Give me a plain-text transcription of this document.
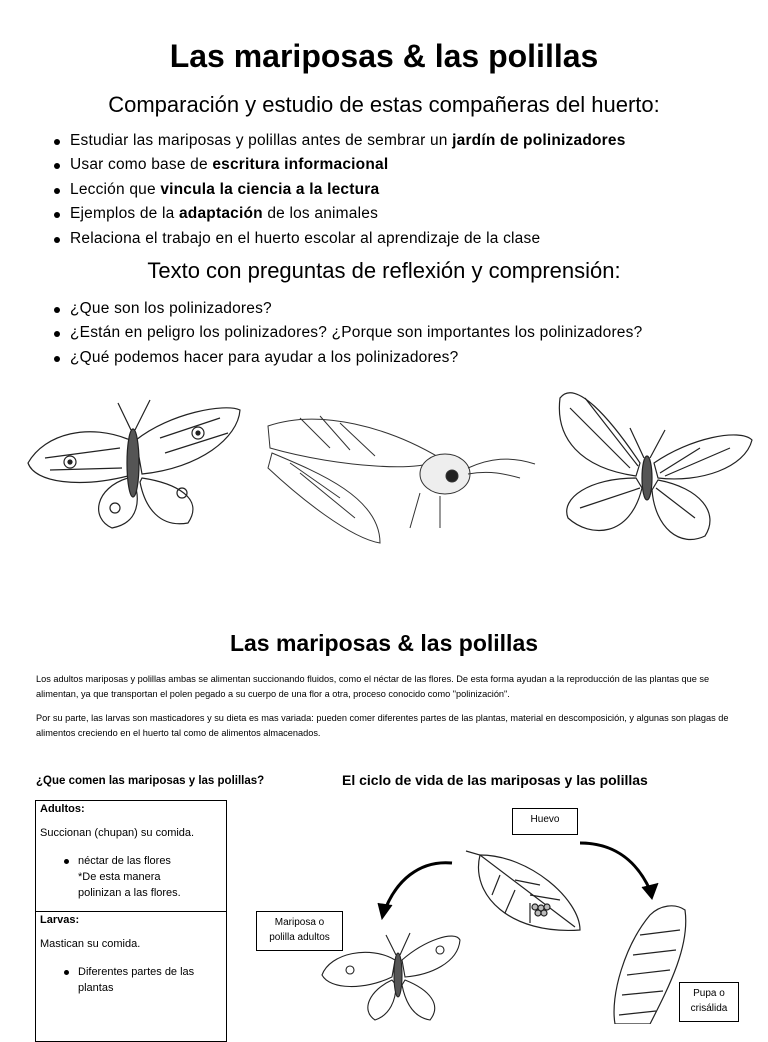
Las mariposas & las polillas
Comparación y estudio de estas compañeras del huerto:
Estudiar las mariposas y polillas antes de sembrar un jardín de polinizadores
Usar como base de escritura informacional
Lección que vincula la ciencia a la lectura
Ejemplos de la adaptación de los animales
Relaciona el trabajo en el huerto escolar al aprendizaje de la clase
Texto con preguntas de reflexión y comprensión:
¿Que son los polinizadores?
¿Están en peligro los polinizadores? ¿Porque son importantes los polinizadores?
¿Qué podemos hacer para ayudar a los polinizadores?
Las mariposas & las polillas
Los adultos mariposas y polillas ambas se alimentan succionando fluidos, como el néctar de las flores. De esta forma ayudan a la reproducción de las plantas que se alimentan, ya que transportan el polen pegado a su cuerpo de una flor a otra, proceso conocido como "polinización".
Por su parte, las larvas son masticadores y su dieta es mas variada: pueden comer diferentes partes de las plantas, material en descomposición, y algunas son plagas de alimentos creciendo en el huerto tal como de alimentos almacenados.
¿Que comen las mariposas y las polillas?	El ciclo de vida de las mariposas y las polillas
Adultos:
Succionan (chupan) su comida.
néctar de las flores
*De esta manera
polinizan a las flores.
Larvas:
Mastican su comida.
Diferentes partes de las
plantas
Huevo
Mariposa o
polilla adultos
Pupa o
crisálida
